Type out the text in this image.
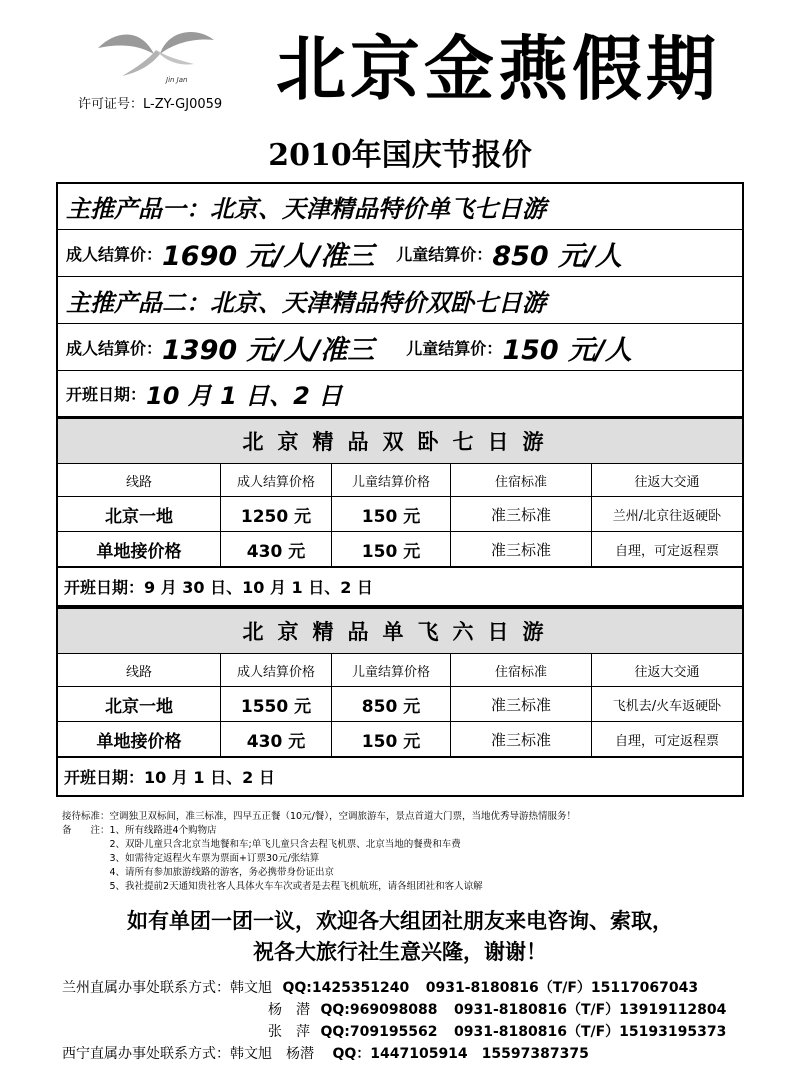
Jin Jan
许可证号：L-ZY-GJ0059 北京金燕假期
2010年国庆节报价
主推产品一：北京、天津精品特价单飞七日游
成人结算价： 1690 元/人/准三 儿童结算价： 850 元/人
主推产品二：北京、天津精品特价双卧七日游
成人结算价： 1390 元/人/准三 儿童结算价： 150 元/人
开班日期： 10 月 1 日、2 日
北京精品双卧七日游
线路	成人结算价格	儿童结算价格	住宿标准	往返大交通
北京一地	1250 元	150 元	准三标准	兰州/北京往返硬卧
单地接价格	430 元	150 元	准三标准	自理，可定返程票
开班日期：9 月 30 日、10 月 1 日、2 日
北京精品单飞六日游
线路	成人结算价格	儿童结算价格	住宿标准	往返大交通
北京一地	1550 元	850 元	准三标准	飞机去/火车返硬卧
单地接价格	430 元	150 元	准三标准	自理，可定返程票
开班日期：10 月 1 日、2 日
接待标准：空调独卫双标间，准三标准，四早五正餐（10元/餐），空调旅游车，景点首道大门票，当地优秀导游热情服务！
备　　注：1、所有线路进4个购物店
　　　　　2、双卧儿童只含北京当地餐和车;单飞儿童只含去程飞机票、北京当地的餐费和车费
　　　　　3、如需待定返程火车票为票面+订票30元/张结算
　　　　　4、请所有参加旅游线路的游客，务必携带身份证出京
　　　　　5、我社提前2天通知贵社客人具体火车车次或者是去程飞机航班，请各组团社和客人谅解
如有单团一团一议，欢迎各大组团社朋友来电咨询、索取，
祝各大旅行社生意兴隆，谢谢！
兰州直属办事处联系方式：韩文旭 QQ:1425351240 0931-8180816（T/F）15117067043
杨　潜 QQ:969098088 0931-8180816（T/F）13919112804
张　萍 QQ:709195562 0931-8180816（T/F）15193195373
西宁直属办事处联系方式：韩文旭　杨潜 QQ：1447105914　15597387375
